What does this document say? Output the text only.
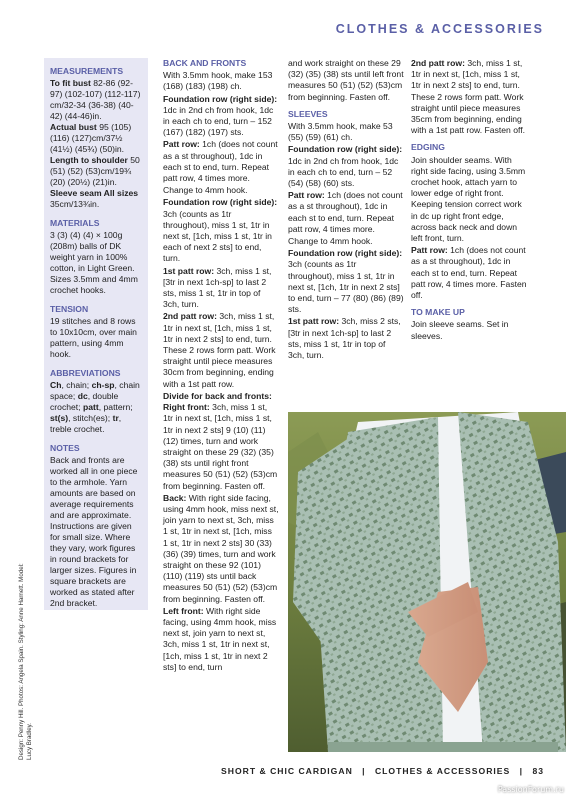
CLOTHES & ACCESSORIES
MEASUREMENTS

To fit bust 82-86 (92-97) (102-107) (112-117) cm/32-34 (36-38) (40-42) (44-46)in.

Actual bust 95 (105) (116) (127)cm/37½ (41½) (45¾) (50)in.

Length to shoulder 50 (51) (52) (53)cm/19¾ (20) (20½) (21)in.

Sleeve seam All sizes 35cm/13¾in.

MATERIALS

3 (3) (4) (4) × 100g (208m) balls of DK weight yarn in 100% cotton, in Light Green. Sizes 3.5mm and 4mm crochet hooks.

TENSION

19 stitches and 8 rows to 10x10cm, over main pattern, using 4mm hook.

ABBREVIATIONS

Ch, chain; ch-sp, chain space; dc, double crochet; patt, pattern; st(s), stitch(es); tr, treble crochet.

NOTES

Back and fronts are worked all in one piece to the armhole. Yarn amounts are based on average requirements and are approximate. Instructions are given for small size. Where they vary, work figures in round brackets for larger sizes. Figures in square brackets are worked as stated after 2nd bracket.

BACK AND FRONTS

With 3.5mm hook, make 153 (168) (183) (198) ch.

Foundation row (right side): 1dc in 2nd ch from hook, 1dc in each ch to end, turn – 152 (167) (182) (197) sts.

Patt row: 1ch (does not count as a st throughout), 1dc in each st to end, turn. Repeat patt row, 4 times more.

Change to 4mm hook.

Foundation row (right side): 3ch (counts as 1tr throughout), miss 1 st, 1tr in next st, [1ch, miss 1 st, 1tr in each of next 2 sts] to end, turn.

1st patt row: 3ch, miss 1 st, [3tr in next 1ch-sp] to last 2 sts, miss 1 st, 1tr in top of 3ch, turn.

2nd patt row: 3ch, miss 1 st, 1tr in next st, [1ch, miss 1 st, 1tr in next 2 sts] to end, turn. These 2 rows form patt. Work straight until piece measures 30cm from beginning, ending with a 1st patt row.

Divide for back and fronts: Right front: 3ch, miss 1 st, 1tr in next st, [1ch, miss 1 st, 1tr in next 2 sts] 9 (10) (11) (12) times, turn and work straight on these 29 (32) (35) (38) sts until right front measures 50 (51) (52) (53)cm from beginning. Fasten off.

Back: With right side facing, using 4mm hook, miss next st, join yarn to next st, 3ch, miss 1 st, 1tr in next st, [1ch, miss 1 st, 1tr in next 2 sts] 30 (33) (36) (39) times, turn and work straight on these 92 (101) (110) (119) sts until back measures 50 (51) (52) (53)cm from beginning. Fasten off.

Left front: With right side facing, using 4mm hook, miss next st, join yarn to next st, 3ch, miss 1 st, 1tr in next st, [1ch, miss 1 st, 1tr in next 2 sts] to end, turn

and work straight on these 29 (32) (35) (38) sts until left front measures 50 (51) (52) (53)cm from beginning. Fasten off.

SLEEVES

With 3.5mm hook, make 53 (55) (59) (61) ch.

Foundation row (right side): 1dc in 2nd ch from hook, 1dc in each ch to end, turn – 52 (54) (58) (60) sts.

Patt row: 1ch (does not count as a st throughout), 1dc in each st to end, turn. Repeat patt row, 4 times more.

Change to 4mm hook.

Foundation row (right side): 3ch (counts as 1tr throughout), miss 1 st, 1tr in next st, [1ch, 1tr in next 2 sts] to end, turn – 77 (80) (86) (89) sts.

1st patt row: 3ch, miss 2 sts, [3tr in next 1ch-sp] to last 2 sts, miss 1 st, 1tr in top of 3ch, turn.

2nd patt row: 3ch, miss 1 st, 1tr in next st, [1ch, miss 1 st, 1tr in next 2 sts] to end, turn. These 2 rows form patt. Work straight until piece measures 35cm from beginning, ending with a 1st patt row. Fasten off.

EDGING

Join shoulder seams. With right side facing, using 3.5mm crochet hook, attach yarn to lower edge of right front. Keeping tension correct work in dc up right front edge, across back neck and down left front, turn.

Patt row: 1ch (does not count as a st throughout), 1dc in each st to end, turn. Repeat patt row, 4 times more. Fasten off.

TO MAKE UP

Join sleeve seams. Set in sleeves.

Design: Penny Hill. Photos: Angela Spain. Styling: Anne Harnett. Model: Lucy Bradley.
SHORT & CHIC CARDIGAN | CLOTHES & ACCESSORIES | 83
PassionForum.ru
